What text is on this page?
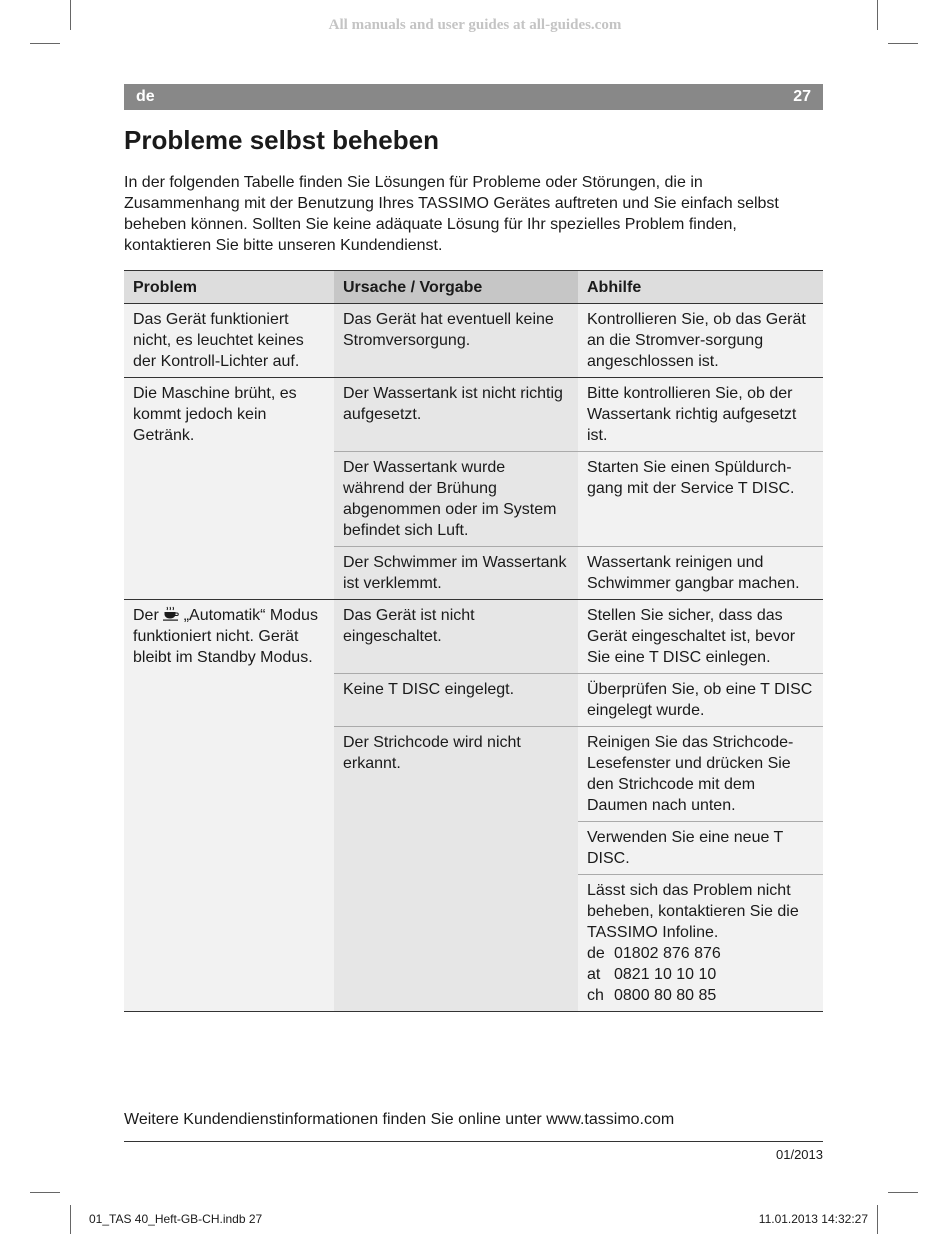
All manuals and user guides at all-guides.com
de	27
Probleme selbst beheben

In der folgenden Tabelle finden Sie Lösungen für Probleme oder Störungen, die in Zusammenhang mit der Benutzung Ihres TASSIMO Gerätes auftreten und Sie einfach selbst beheben können. Sollten Sie keine adäquate Lösung für Ihr spezielles Problem finden, kontaktieren Sie bitte unseren Kundendienst.

Problem	Ursache / Vorgabe	Abhilfe
Das Gerät funktioniert nicht, es leuchtet keines der Kontroll-Lichter auf.	Das Gerät hat eventuell keine Stromversorgung.	Kontrollieren Sie, ob das Gerät an die Stromver-sorgung angeschlossen ist.
Die Maschine brüht, es kommt jedoch kein Getränk.	Der Wassertank ist nicht richtig aufgesetzt.	Bitte kontrollieren Sie, ob der Wassertank richtig aufgesetzt ist.
	Der Wassertank wurde während der Brühung abgenommen oder im System befindet sich Luft.	Starten Sie einen Spüldurch-gang mit der Service T DISC.
	Der Schwimmer im Wassertank ist verklemmt.	Wassertank reinigen und Schwimmer gangbar machen.
Der „Automatik“ Modus funktioniert nicht. Gerät bleibt im Standby Modus.	Das Gerät ist nicht eingeschaltet.	Stellen Sie sicher, dass das Gerät eingeschaltet ist, bevor Sie eine T DISC einlegen.
	Keine T DISC eingelegt.	Überprüfen Sie, ob eine T DISC eingelegt wurde.
	Der Strichcode wird nicht erkannt.	Reinigen Sie das Strichcode-Lesefenster und drücken Sie den Strichcode mit dem Daumen nach unten.
		Verwenden Sie eine neue T DISC.
		Lässt sich das Problem nicht beheben, kontaktieren Sie die TASSIMO Infoline.
de 01802 876 876
at 0821 10 10 10
ch 0800 80 80 85
Weitere Kundendienstinformationen finden Sie online unter www.tassimo.com
01/2013
01_TAS 40_Heft-GB-CH.indb 27	11.01.2013 14:32:27
